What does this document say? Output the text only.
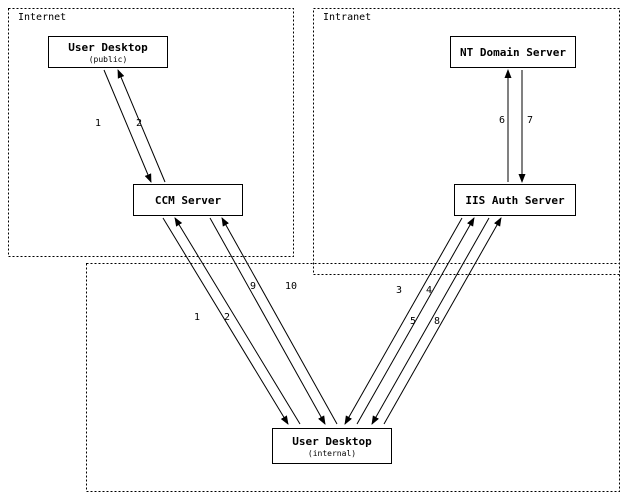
Internet	Intranet
User Desktop
(public)
CCM Server
NT Domain Server
IIS Auth Server
User Desktop
(internal)
1	2	6 7
9	10	3 4
1 2	5 8
